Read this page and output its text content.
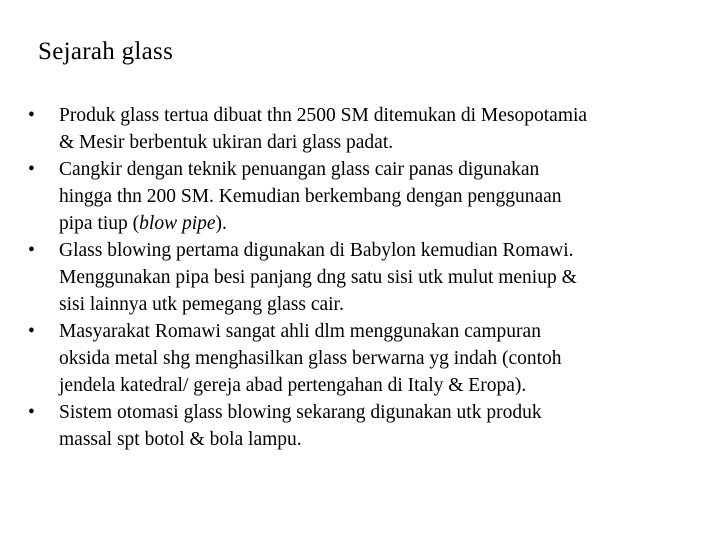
Sejarah glass
•	Produk glass tertua dibuat thn 2500 SM ditemukan di Mesopotamia
& Mesir berbentuk ukiran dari glass padat.
•	Cangkir dengan teknik penuangan glass cair panas digunakan
hingga thn 200 SM. Kemudian berkembang dengan penggunaan
pipa tiup (blow pipe).
•	Glass blowing pertama digunakan di Babylon kemudian Romawi.
Menggunakan pipa besi panjang dng satu sisi utk mulut meniup &
sisi lainnya utk pemegang glass cair.
•	Masyarakat Romawi sangat ahli dlm menggunakan campuran
oksida metal shg menghasilkan glass berwarna yg indah (contoh
jendela katedral/ gereja abad pertengahan di Italy & Eropa).
•	Sistem otomasi glass blowing sekarang digunakan utk produk
massal spt botol & bola lampu.
